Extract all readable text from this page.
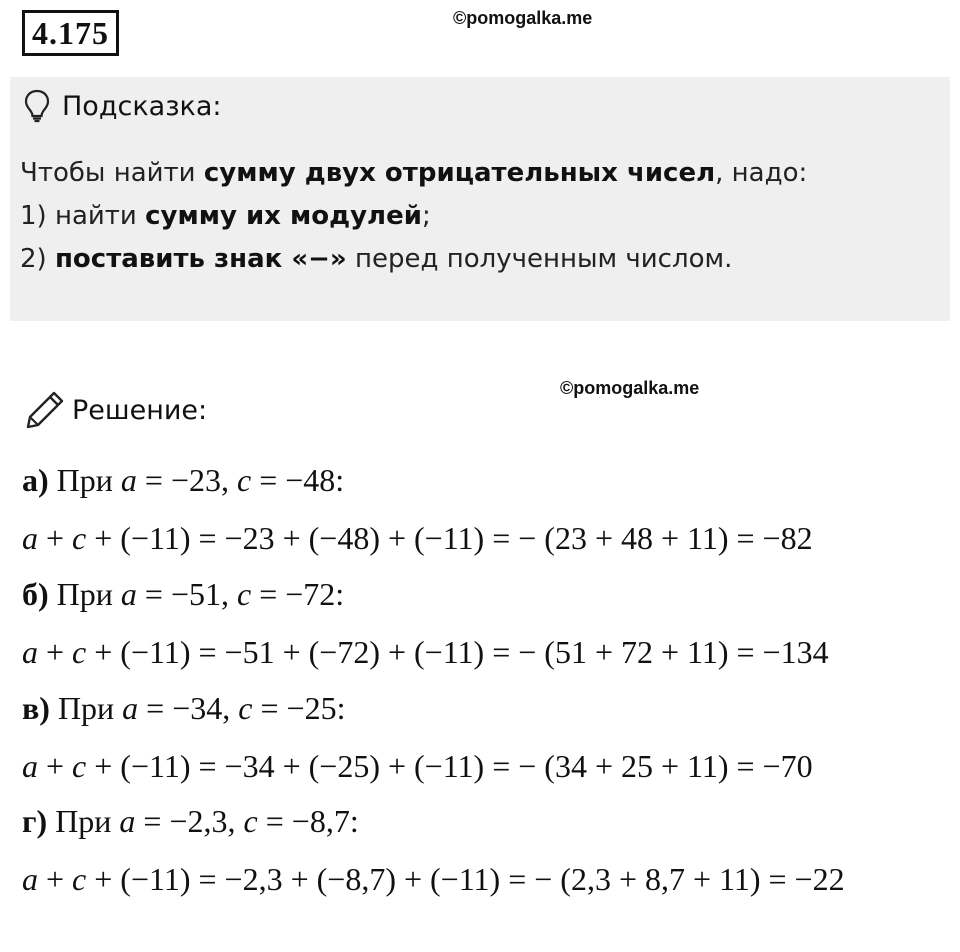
4.175	©pomogalka.me
Подсказка:
Чтобы найти сумму двух отрицательных чисел, надо:
1) найти сумму их модулей;
2) поставить знак «−» перед полученным числом.
©pomogalka.me
Решение:
а) При a = −23, c = −48:
a + c + (−11) = −23 + (−48) + (−11) = − (23 + 48 + 11) = −82
б) При a = −51, c = −72:
a + c + (−11) = −51 + (−72) + (−11) = − (51 + 72 + 11) = −134
в) При a = −34, c = −25:
a + c + (−11) = −34 + (−25) + (−11) = − (34 + 25 + 11) = −70
г) При a = −2,3, c = −8,7:
a + c + (−11) = −2,3 + (−8,7) + (−11) = − (2,3 + 8,7 + 11) = −22
